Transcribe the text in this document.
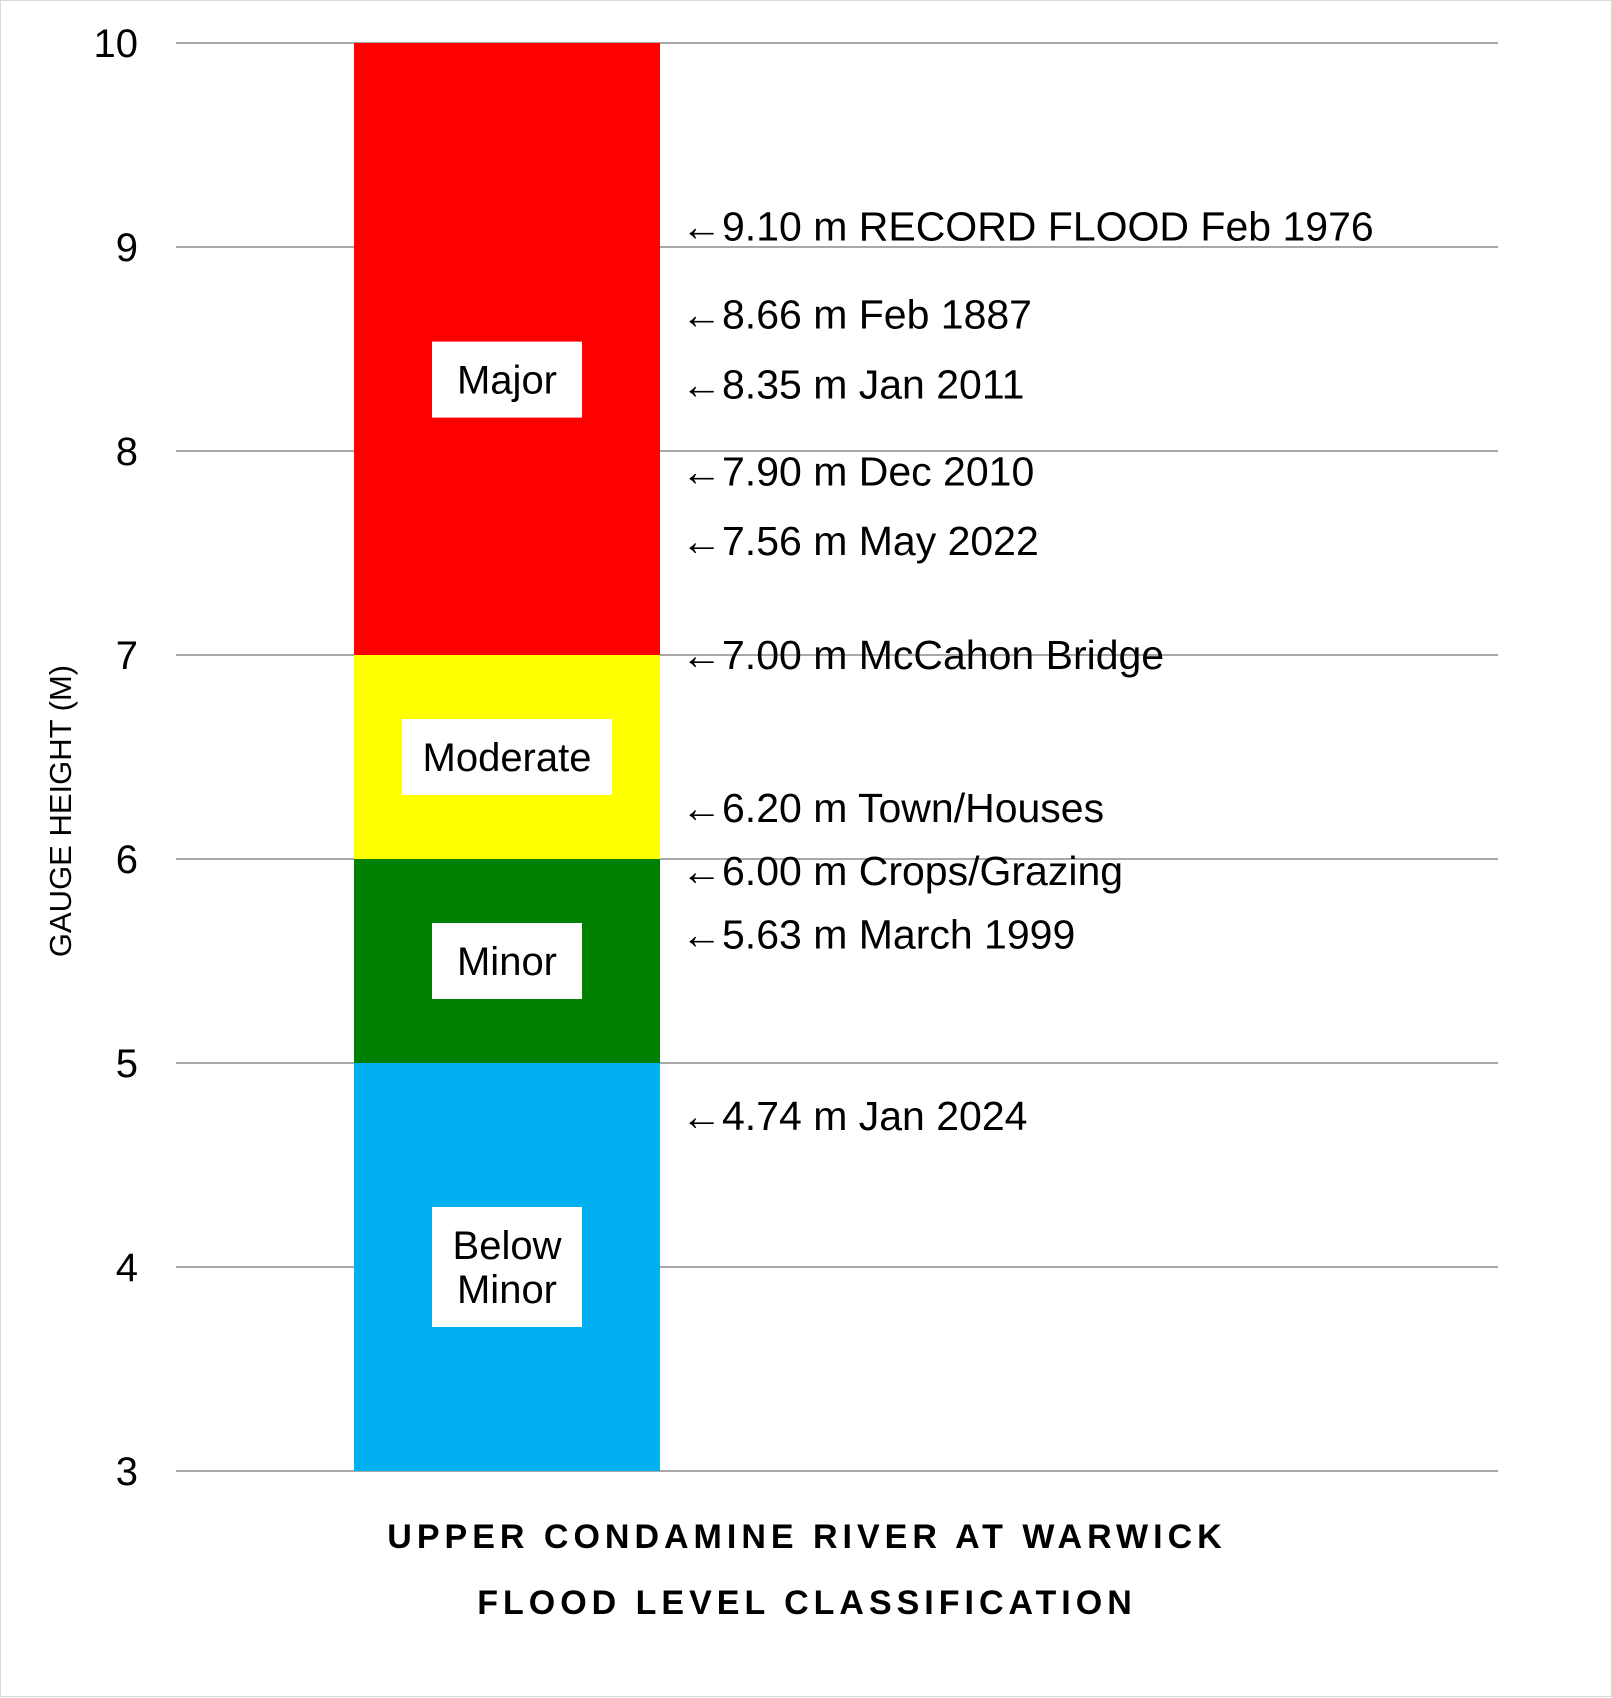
Below Minor
Minor
Moderate
Major
3
4
5
6
7
8
9
10
←9.10 m RECORD FLOOD Feb 1976
←8.66 m Feb 1887
←8.35 m Jan 2011
←7.90 m Dec 2010
←7.56 m May 2022
←7.00 m McCahon Bridge
←6.20 m Town/Houses
←6.00 m Crops/Grazing
←5.63 m March 1999
←4.74 m Jan 2024
GAUGE HEIGHT (M)
UPPER CONDAMINE RIVER AT WARWICK
FLOOD LEVEL CLASSIFICATION
